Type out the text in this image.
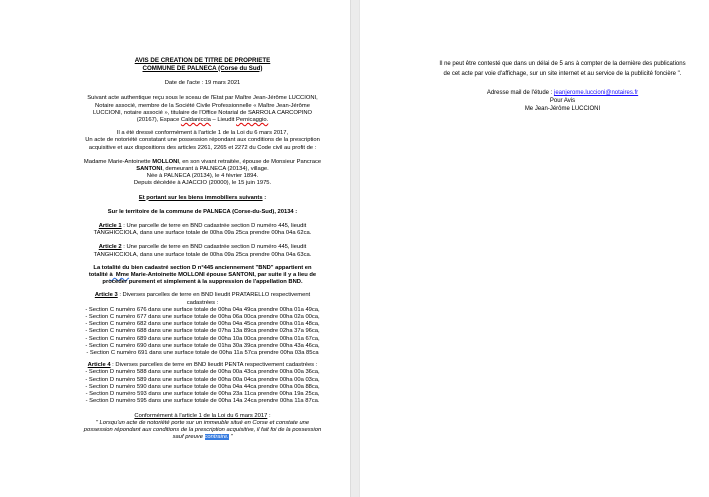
AVIS DE CREATION DE TITRE DE PROPRIETE
COMMUNE DE PALNECA (Corse du Sud)

Date de l'acte : 19 mars 2021

Suivant acte authentique reçu sous le sceau de l'Etat par Maître Jean-Jérôme LUCCIONI,
Notaire associé, membre de la Société Civile Professionnelle « Maître Jean-Jérôme
LUCCIONI, notaire associé », titulaire de l'Office Notarial de SARROLA CARCOPINO
(20167), Espace Caldaniccia – Lieudit Pernicaggio.
Il a été dressé conformément à l'article 1 de la Loi du 6 mars 2017,
Un acte de notoriété constatant une possession répondant aux conditions de la prescription
acquisitive et aux dispositions des articles 2261, 2265 et 2272 du Code civil au profit de :
Madame Marie-Antoinette MOLLONI, en son vivant retraitée, épouse de Monsieur Pancrace
SANTONI, demeurant à PALNECA (20134), village.
Née à PALNECA (20134), le 4 février 1894.
Depuis décédée à AJACCIO (20000), le 15 juin 1975.

Et portant sur les biens immobiliers suivants :

Sur le territoire de la commune de PALNECA (Corse-du-Sud), 20134 :

Article 1 : Une parcelle de terre en BND cadastrée section D numéro 445, lieudit
TANGHICCIOLA, dans une surface totale de 00ha 09a 25ca prendre 00ha 04a 62ca.
Article 2 : Une parcelle de terre en BND cadastrée section D numéro 445, lieudit
TANGHICCIOLA, dans une surface totale de 00ha 09a 25ca prendre 00ha 04a 63ca.
La totalité du bien cadastré section D n°445 anciennement "BND" appartient en
totalité à  Mme Marie-Antoinette MOLLONI épouse SANTONI, par suite il y a lieu de
procéder purement et simplement à la suppression de l'appellation BND.
Article 3 : Diverses parcelles de terre en BND lieudit PRATARELLO respectivement
cadastrées :
- Section C numéro 676 dans une surface totale de 00ha 04a 49ca prendre 00ha 01a 49ca,
- Section C numéro 677 dans une surface totale de 00ha 06a 00ca prendre 00ha 02a 00ca,
- Section C numéro 682 dans une surface totale de 00ha 04a 45ca prendre 00ha 01a 48ca,
- Section C numéro 688 dans une surface totale de 07ha 13a 89ca prendre 02ha 37a 96ca,
- Section C numéro 689 dans une surface totale de 00ha 10a 00ca prendre 00ha 01a 67ca,
- Section C numéro 690 dans une surface totale de 01ha 30a 39ca prendre 00ha 43a 46ca,
- Section C numéro 691 dans une surface totale de 00ha 11a 57ca prendre 00ha 03a 85ca
Article 4 : Diverses parcelles de terre en BND lieudit PENTA respectivement cadastrées :
- Section D numéro 588 dans une surface totale de 00ha 00a 43ca prendre 00ha 00a 36ca,
- Section D numéro 589 dans une surface totale de 00ha 00a 04ca prendre 00ha 00a 03ca,
- Section D numéro 590 dans une surface totale de 00ha 04a 44ca prendre 00ha 00a 88ca,
- Section D numéro 593 dans une surface totale de 00ha 23a 11ca prendre 00ha 19a 25ca,
- Section D numéro 595 dans une surface totale de 00ha 14a 24ca prendre 00ha 11a 87ca.
Conformément à l'article 1 de la Loi du 6 mars 2017 :
" Lorsqu'un acte de notoriété porte sur un immeuble situé en Corse et constate une
possession répondant aux conditions de la prescription acquisitive, il fait foi de la possession
sauf preuve contraire. "
Il ne peut être contesté que dans un délai de 5 ans à compter de la dernière des publications
de cet acte par voie d'affichage, sur un site internet et au service de la publicité foncière ".
Adresse mail de l'étude : jeanjerome.luccioni@notaires.fr
Pour Avis
Me Jean-Jérôme LUCCIONI
